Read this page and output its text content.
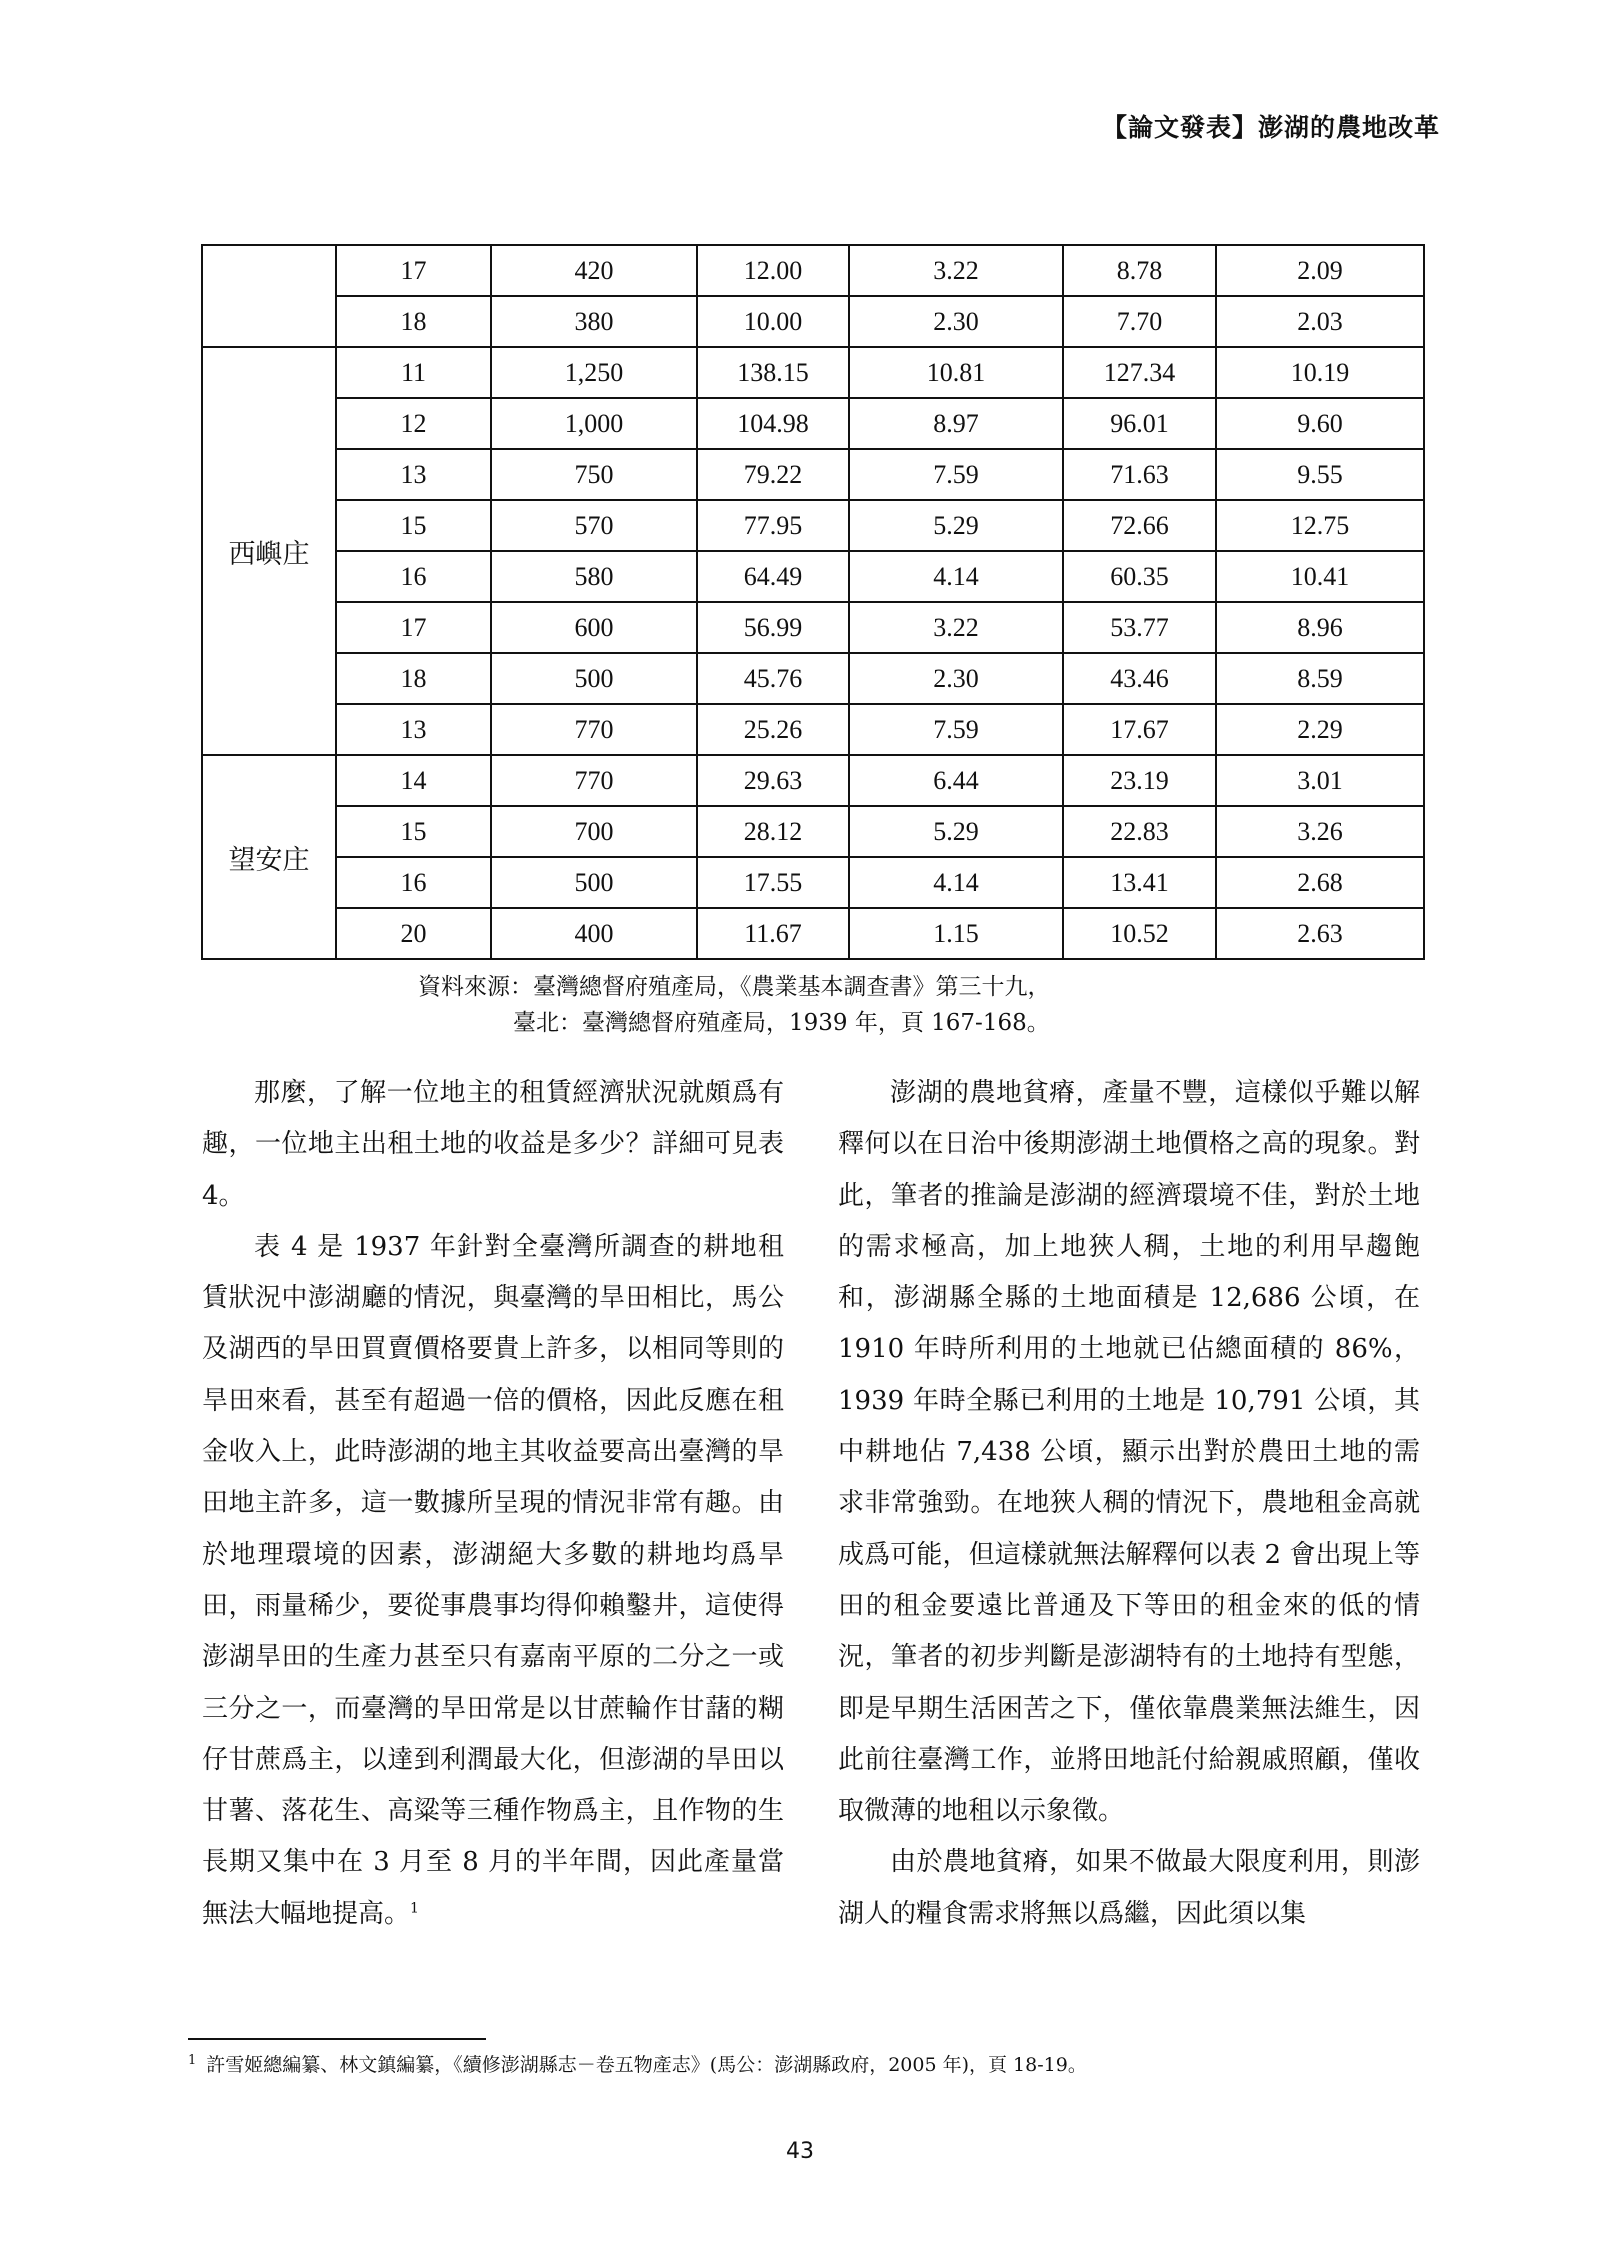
【論文發表】澎湖的農地改革
	17	420	12.00	3.22	8.78	2.09
	18	380	10.00	2.30	7.70	2.03
西嶼庄	11	1,250	138.15	10.81	127.34	10.19
	12	1,000	104.98	8.97	96.01	9.60
	13	750	79.22	7.59	71.63	9.55
	15	570	77.95	5.29	72.66	12.75
	16	580	64.49	4.14	60.35	10.41
	17	600	56.99	3.22	53.77	8.96
	18	500	45.76	2.30	43.46	8.59
	13	770	25.26	7.59	17.67	2.29
望安庄	14	770	29.63	6.44	23.19	3.01
	15	700	28.12	5.29	22.83	3.26
	16	500	17.55	4.14	13.41	2.68
	20	400	11.67	1.15	10.52	2.63
資料來源：臺灣總督府殖產局，《農業基本調查書》第三十九，
臺北：臺灣總督府殖產局，1939 年，頁 167-168。

那麼，了解一位地主的租賃經濟狀況就頗爲有趣，一位地主出租土地的收益是多少？詳細可見表 4。

表 4 是 1937 年針對全臺灣所調查的耕地租賃狀況中澎湖廳的情況，與臺灣的旱田相比，馬公及湖西的旱田買賣價格要貴上許多，以相同等則的旱田來看，甚至有超過一倍的價格，因此反應在租金收入上，此時澎湖的地主其收益要高出臺灣的旱田地主許多，這一數據所呈現的情況非常有趣。由於地理環境的因素，澎湖絕大多數的耕地均爲旱田，雨量稀少，要從事農事均得仰賴鑿井，這使得澎湖旱田的生產力甚至只有嘉南平原的二分之一或三分之一，而臺灣的旱田常是以甘蔗輪作甘藷的糊仔甘蔗爲主，以達到利潤最大化，但澎湖的旱田以甘薯、落花生、高粱等三種作物爲主，且作物的生長期又集中在 3 月至 8 月的半年間，因此產量當無法大幅地提高。$^1$

澎湖的農地貧瘠，產量不豐，這樣似乎難以解釋何以在日治中後期澎湖土地價格之高的現象。對此，筆者的推論是澎湖的經濟環境不佳，對於土地的需求極高，加上地狹人稠，土地的利用早趨飽和，澎湖縣全縣的土地面積是 12,686 公頃，在 1910 年時所利用的土地就已佔總面積的 86%，1939 年時全縣已利用的土地是 10,791 公頃，其中耕地佔 7,438 公頃，顯示出對於農田土地的需求非常強勁。在地狹人稠的情況下，農地租金高就成爲可能，但這樣就無法解釋何以表 2 會出現上等田的租金要遠比普通及下等田的租金來的低的情況，筆者的初步判斷是澎湖特有的土地持有型態，即是早期生活困苦之下，僅依靠農業無法維生，因此前往臺灣工作，並將田地託付給親戚照顧，僅收取微薄的地租以示象徵。

由於農地貧瘠，如果不做最大限度利用，則澎湖人的糧食需求將無以爲繼，因此須以集

$^1$ 許雪姬總編纂、林文鎮編纂，《續修澎湖縣志－卷五物產志》(馬公：澎湖縣政府，2005 年)，頁 18-19。
43
